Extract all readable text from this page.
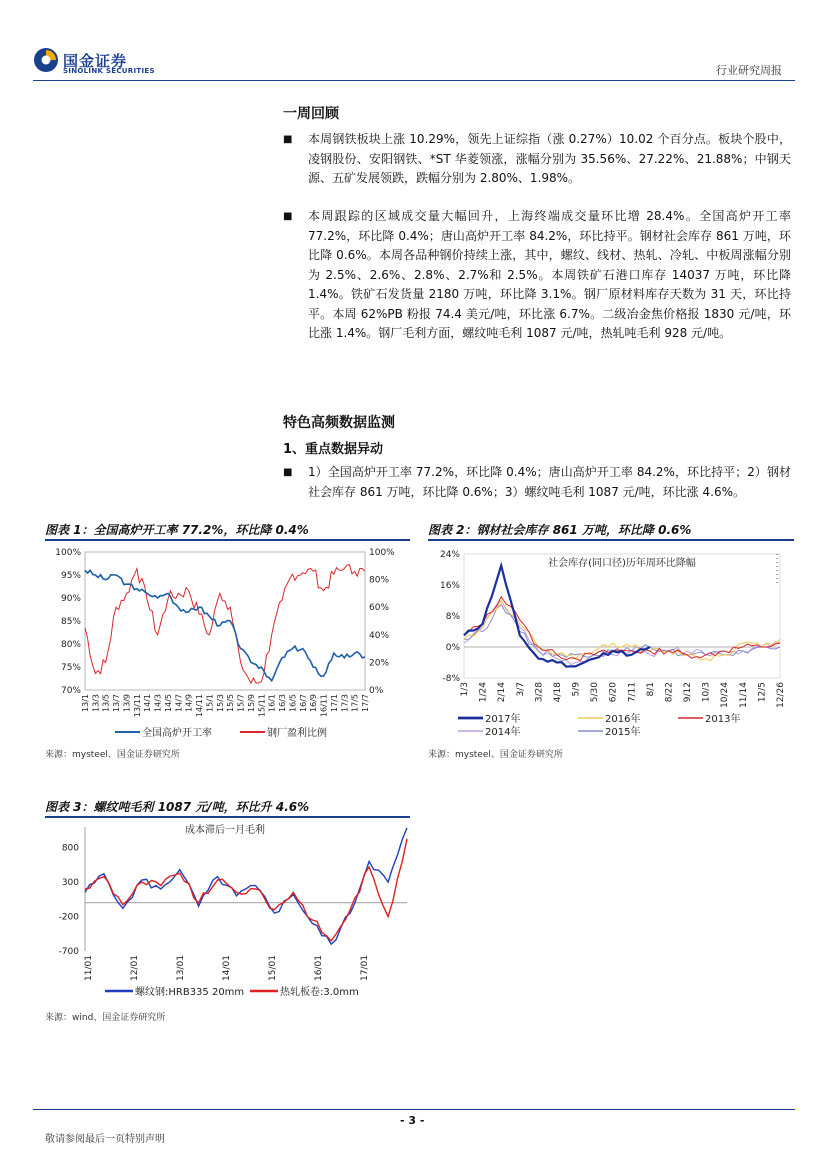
国金证券
SINOLINK SECURITIES	行业研究周报
一周回顾
■ 本周钢铁板块上涨 10.29%，领先上证综指（涨 0.27%）10.02 个百分点。板块个股中，凌钢股份、安阳钢铁、*ST 华菱领涨，涨幅分别为 35.56%、27.22%、21.88%；中钢天源、五矿发展领跌，跌幅分别为 2.80%、1.98%。
■ 本周跟踪的区域成交量大幅回升，上海终端成交量环比增 28.4%。全国高炉开工率 77.2%，环比降 0.4%；唐山高炉开工率 84.2%，环比持平。钢材社会库存 861 万吨，环比降 0.6%。本周各品种钢价持续上涨，其中，螺纹、线材、热轧、冷轧、中板周涨幅分别为 2.5%、2.6%、2.8%、2.7%和 2.5%。本周铁矿石港口库存 14037 万吨，环比降 1.4%。铁矿石发货量 2180 万吨，环比降 3.1%。钢厂原材料库存天数为 31 天，环比持平。本周 62%PB 粉报 74.4 美元/吨，环比涨 6.7%。二级冶金焦价格报 1830 元/吨，环比涨 1.4%。钢厂毛利方面，螺纹吨毛利 1087 元/吨，热轧吨毛利 928 元/吨。
特色高频数据监测
1、重点数据异动
■ 1）全国高炉开工率 77.2%，环比降 0.4%；唐山高炉开工率 84.2%，环比持平；2）钢材社会库存 861 万吨，环比降 0.6%；3）螺纹吨毛利 1087 元/吨，环比涨 4.6%。
图表 1：全国高炉开工率 77.2%，环比降 0.4%
70%
75%
80%
85%
90%
95%
100%
0%
20%
40%
60%
80%
100%
13/1 13/3 13/5 13/7 13/9 13/11 14/1 14/3 14/5 14/7 14/9 14/11 15/1 15/3 15/5 15/7 15/9 15/11 16/1 16/3 16/5 16/7 16/9 16/11 17/1 17/3 17/5 17/7
全国高炉开工率	钢厂盈利比例
来源：mysteel、国金证券研究所
图表 2：钢材社会库存 861 万吨，环比降 0.6%
-8%
0%
8%
16%
24%
1/3 1/24 2/14 3/7 3/28 4/18 5/9 5/30 6/20 7/11 8/1 8/22 9/12 10/3 10/24 11/14 12/5 12/26
社会库存(同口径)历年周环比降幅
2017年	2016年	2013年
2014年	2015年
来源：mysteel、国金证券研究所
图表 3：螺纹吨毛利 1087 元/吨，环比升 4.6%
-700
-200
300
800
11/01	12/01	13/01	14/01	15/01	16/01	17/01
成本滞后一月毛利
螺纹钢:HRB335 20mm	热轧板卷:3.0mm
来源：wind、国金证券研究所
- 3 -
敬请参阅最后一页特别声明
